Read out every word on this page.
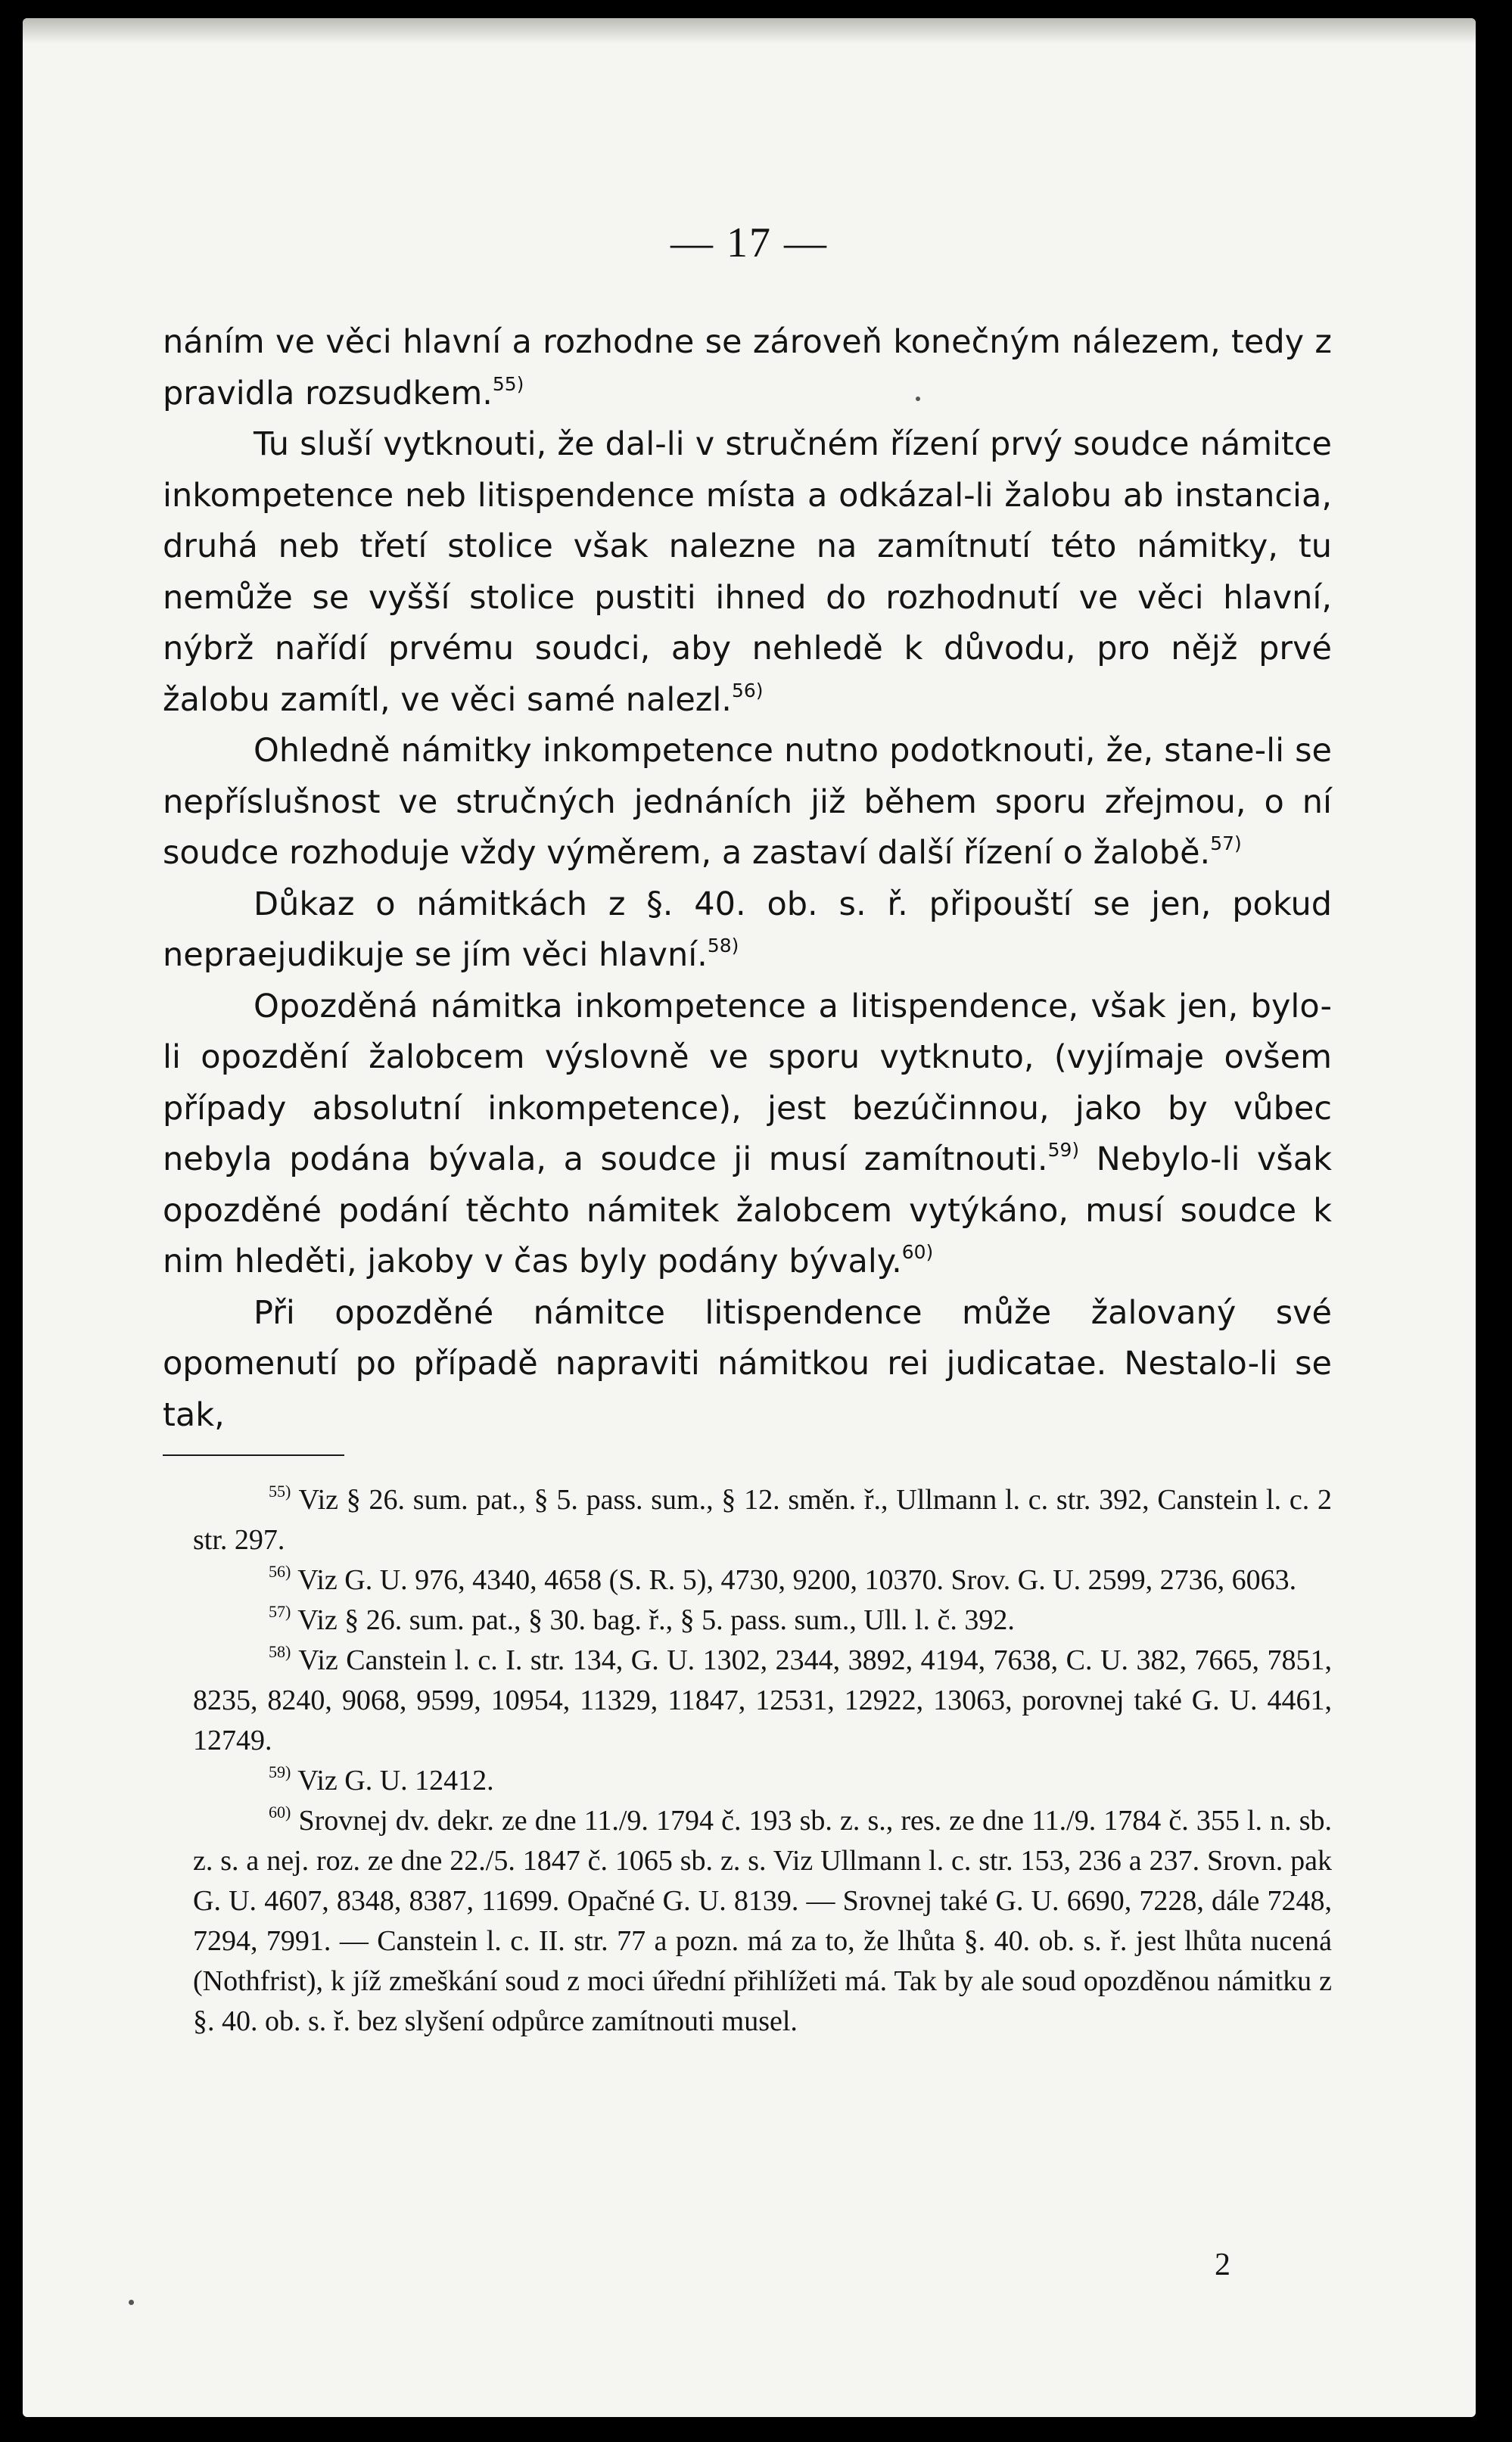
— 17 —

náním ve věci hlavní a rozhodne se zároveň konečným nálezem, tedy z pravidla rozsudkem.$^{55)}$

Tu sluší vytknouti, že dal-li v stručném řízení prvý soudce námitce inkompetence neb litispendence místa a odkázal-li žalobu ab instancia, druhá neb třetí stolice však nalezne na zamítnutí této námitky, tu nemůže se vyšší stolice pustiti ihned do rozhodnutí ve věci hlavní, nýbrž nařídí prvému soudci, aby nehledě k důvodu, pro nějž prvé žalobu zamítl, ve věci samé nalezl.$^{56)}$

Ohledně námitky inkompetence nutno podotknouti, že, stane-li se nepříslušnost ve stručných jednáních již během sporu zřejmou, o ní soudce rozhoduje vždy výměrem, a zastaví další řízení o žalobě.$^{57)}$

Důkaz o námitkách z §. 40. ob. s. ř. připouští se jen, pokud nepraejudikuje se jím věci hlavní.$^{58)}$

Opozděná námitka inkompetence a litispendence, však jen, bylo-li opozdění žalobcem výslovně ve sporu vytknuto, (vyjímaje ovšem případy absolutní inkompetence), jest bezúčinnou, jako by vůbec nebyla podána bývala, a soudce ji musí zamítnouti.$^{59)}$ Nebylo-li však opozděné podání těchto námitek žalobcem vytýkáno, musí soudce k nim hleděti, jakoby v čas byly podány bývaly.$^{60)}$

Při opozděné námitce litispendence může žalovaný své opomenutí po případě napraviti námitkou rei judicatae. Nestalo-li se tak,

$^{55)}$ Viz § 26. sum. pat., § 5. pass. sum., § 12. směn. ř., Ullmann l. c. str. 392, Canstein l. c. 2 str. 297.

$^{56)}$ Viz G. U. 976, 4340, 4658 (S. R. 5), 4730, 9200, 10370. Srov. G. U. 2599, 2736, 6063.

$^{57)}$ Viz § 26. sum. pat., § 30. bag. ř., § 5. pass. sum., Ull. l. č. 392.

$^{58)}$ Viz Canstein l. c. I. str. 134, G. U. 1302, 2344, 3892, 4194, 7638, C. U. 382, 7665, 7851, 8235, 8240, 9068, 9599, 10954, 11329, 11847, 12531, 12922, 13063, porovnej také G. U. 4461, 12749.

$^{59)}$ Viz G. U. 12412.

$^{60)}$ Srovnej dv. dekr. ze dne 11./9. 1794 č. 193 sb. z. s., res. ze dne 11./9. 1784 č. 355 l. n. sb. z. s. a nej. roz. ze dne 22./5. 1847 č. 1065 sb. z. s. Viz Ullmann l. c. str. 153, 236 a 237. Srovn. pak G. U. 4607, 8348, 8387, 11699. Opačné G. U. 8139. — Srovnej také G. U. 6690, 7228, dále 7248, 7294, 7991. — Canstein l. c. II. str. 77 a pozn. má za to, že lhůta §. 40. ob. s. ř. jest lhůta nucená (Nothfrist), k jíž zmeškání soud z moci úřední přihlížeti má. Tak by ale soud opozděnou námitku z §. 40. ob. s. ř. bez slyšení odpůrce zamítnouti musel.

2
